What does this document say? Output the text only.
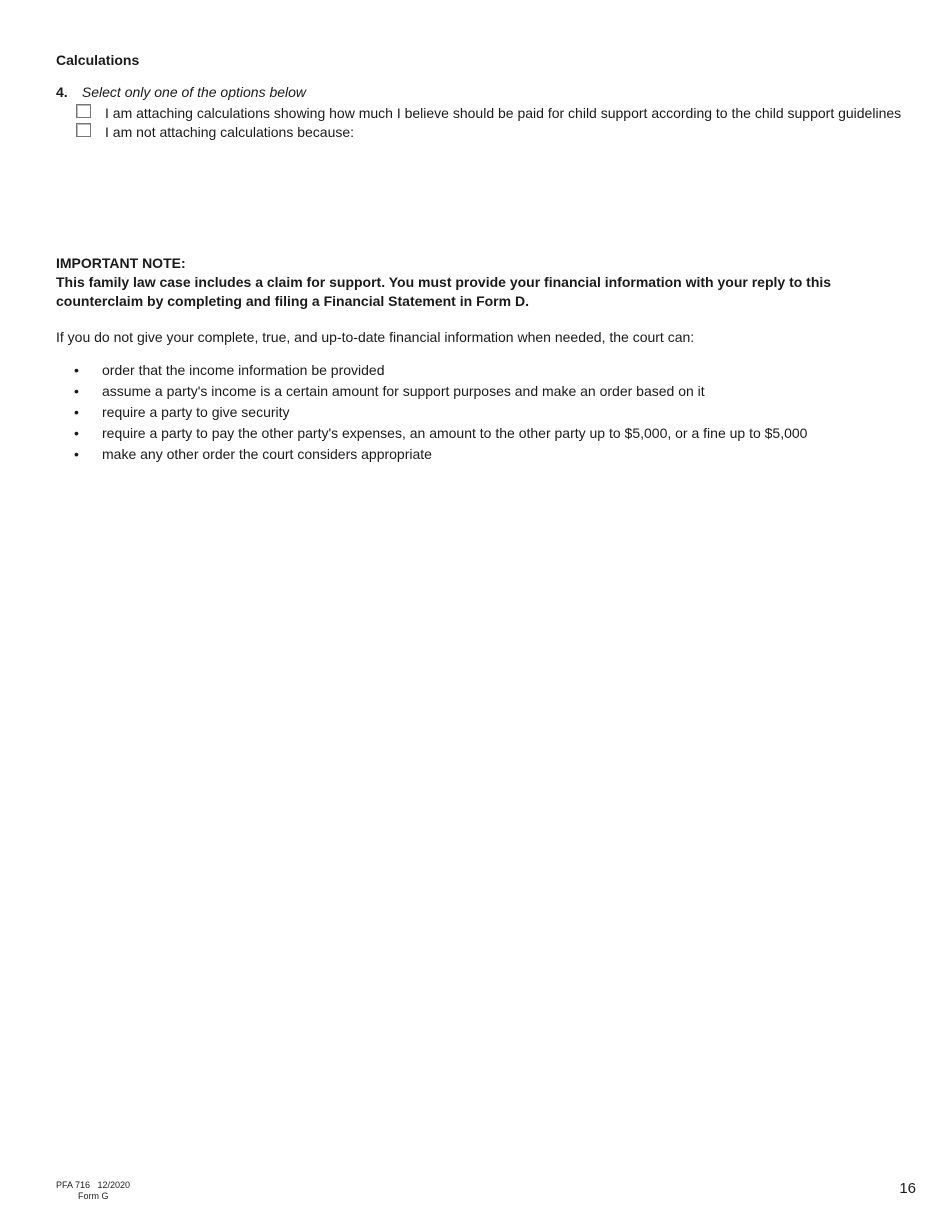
Calculations
4. Select only one of the options below
I am attaching calculations showing how much I believe should be paid for child support according to the child support guidelines
I am not attaching calculations because:
IMPORTANT NOTE:
This family law case includes a claim for support. You must provide your financial information with your reply to this counterclaim by completing and filing a Financial Statement in Form D.
If you do not give your complete, true, and up-to-date financial information when needed, the court can:
•	order that the income information be provided
•	assume a party's income is a certain amount for support purposes and make an order based on it
•	require a party to give security
•	require a party to pay the other party's expenses, an amount to the other party up to $5,000, or a fine up to $5,000
•	make any other order the court considers appropriate
PFA 716   12/2020
Form G	16
